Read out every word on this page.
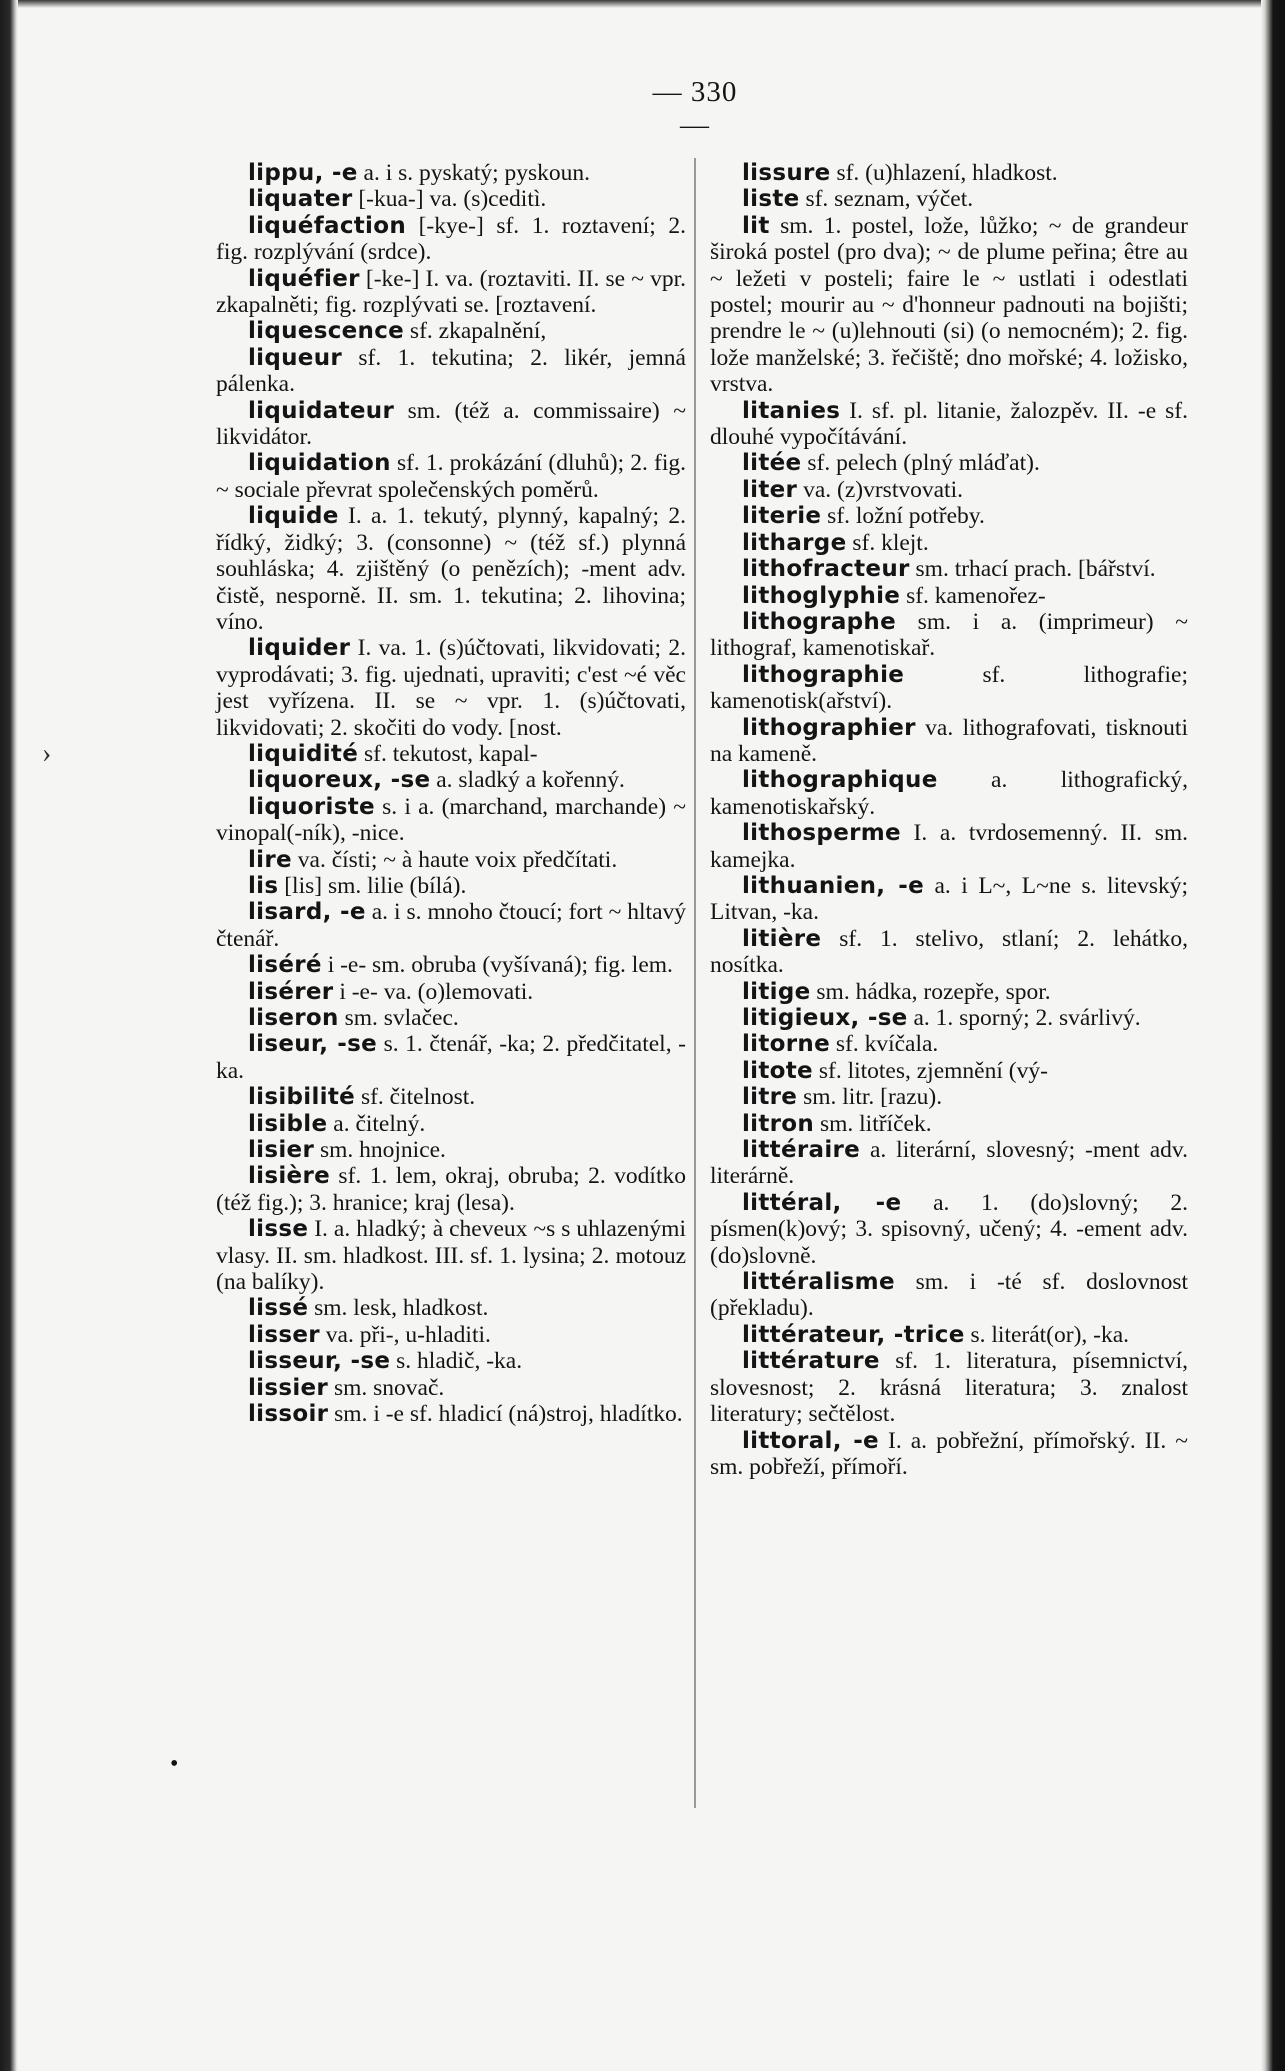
— 330 —
lippu, -e a. i s. pyskatý; pyskoun.
liquater [-kua-] va. (s)ceditì.
liquéfaction [-kye-] sf. 1. roztavení; 2. fig. rozplývání (srdce).
liquéfier [-ke-] I. va. (roztaviti. II. se ~ vpr. zkapalněti; fig. rozplývati se. [roztavení.
liquescence sf. zkapalnění,
liqueur sf. 1. tekutina; 2. likér, jemná pálenka.
liquidateur sm. (též a. commissaire) ~ likvidátor.
liquidation sf. 1. prokázání (dluhů); 2. fig. ~ sociale převrat společenských poměrů.
liquide I. a. 1. tekutý, plynný, kapalný; 2. řídký, židký; 3. (consonne) ~ (též sf.) plynná souhláska; 4. zjištěný (o penězích); -ment adv. čistě, nesporně. II. sm. 1. tekutina; 2. lihovina; víno.
liquider I. va. 1. (s)účtovati, likvidovati; 2. vyprodávati; 3. fig. ujednati, upraviti; c'est ~é věc jest vyřízena. II. se ~ vpr. 1. (s)účtovati, likvidovati; 2. skočiti do vody. [nost.
liquidité sf. tekutost, kapal-
liquoreux, -se a. sladký a kořenný.
liquoriste s. i a. (marchand, marchande) ~ vinopal(-ník), -nice.
lire va. čísti; ~ à haute voix předčítati.
lis [lis] sm. lilie (bílá).
lisard, -e a. i s. mnoho čtoucí; fort ~ hltavý čtenář.
liséré i -e- sm. obruba (vyšívaná); fig. lem.
lisérer i -e- va. (o)lemovati.
liseron sm. svlačec.
liseur, -se s. 1. čtenář, -ka; 2. předčitatel, -ka.
lisibilité sf. čitelnost.
lisible a. čitelný.
lisier sm. hnojnice.
lisière sf. 1. lem, okraj, obruba; 2. vodítko (též fig.); 3. hranice; kraj (lesa).
lisse I. a. hladký; à cheveux ~s s uhlazenými vlasy. II. sm. hladkost. III. sf. 1. lysina; 2. motouz (na balíky).
lissé sm. lesk, hladkost.
lisser va. při-, u-hladiti.
lisseur, -se s. hladič, -ka.
lissier sm. snovač.
lissoir sm. i -e sf. hladicí (ná)stroj, hladítko.
lissure sf. (u)hlazení, hladkost.
liste sf. seznam, výčet.
lit sm. 1. postel, lože, lůžko; ~ de grandeur široká postel (pro dva); ~ de plume peřina; être au ~ ležeti v posteli; faire le ~ ustlati i odestlati postel; mourir au ~ d'honneur padnouti na bojišti; prendre le ~ (u)lehnouti (si) (o nemocném); 2. fig. lože manželské; 3. řečiště; dno mořské; 4. ložisko, vrstva.
litanies I. sf. pl. litanie, žalozpěv. II. -e sf. dlouhé vypočítávání.
litée sf. pelech (plný mláďat).
liter va. (z)vrstvovati.
literie sf. ložní potřeby.
litharge sf. klejt.
lithofracteur sm. trhací prach. [bářství.
lithoglyphie sf. kamenořez-
lithographe sm. i a. (imprimeur) ~ lithograf, kamenotiskař.
lithographie sf. lithografie; kamenotisk(ařství).
lithographier va. lithografovati, tisknouti na kameně.
lithographique a. lithografický, kamenotiskařský.
lithosperme I. a. tvrdosemenný. II. sm. kamejka.
lithuanien, -e a. i L~, L~ne s. litevský; Litvan, -ka.
litière sf. 1. stelivo, stlaní; 2. lehátko, nosítka.
litige sm. hádka, rozepře, spor.
litigieux, -se a. 1. sporný; 2. svárlivý.
litorne sf. kvíčala.
litote sf. litotes, zjemnění (vý-
litre sm. litr. [razu).
litron sm. litříček.
littéraire a. literární, slovesný; -ment adv. literárně.
littéral, -e a. 1. (do)slovný; 2. písmen(k)ový; 3. spisovný, učený; 4. -ement adv. (do)slovně.
littéralisme sm. i -té sf. doslovnost (překladu).
littérateur, -trice s. literát(or), -ka.
littérature sf. 1. literatura, písemnictví, slovesnost; 2. krásná literatura; 3. znalost literatury; sečtělost.
littoral, -e I. a. pobřežní, přímořský. II. ~ sm. pobřeží, přímoří.
›
•
